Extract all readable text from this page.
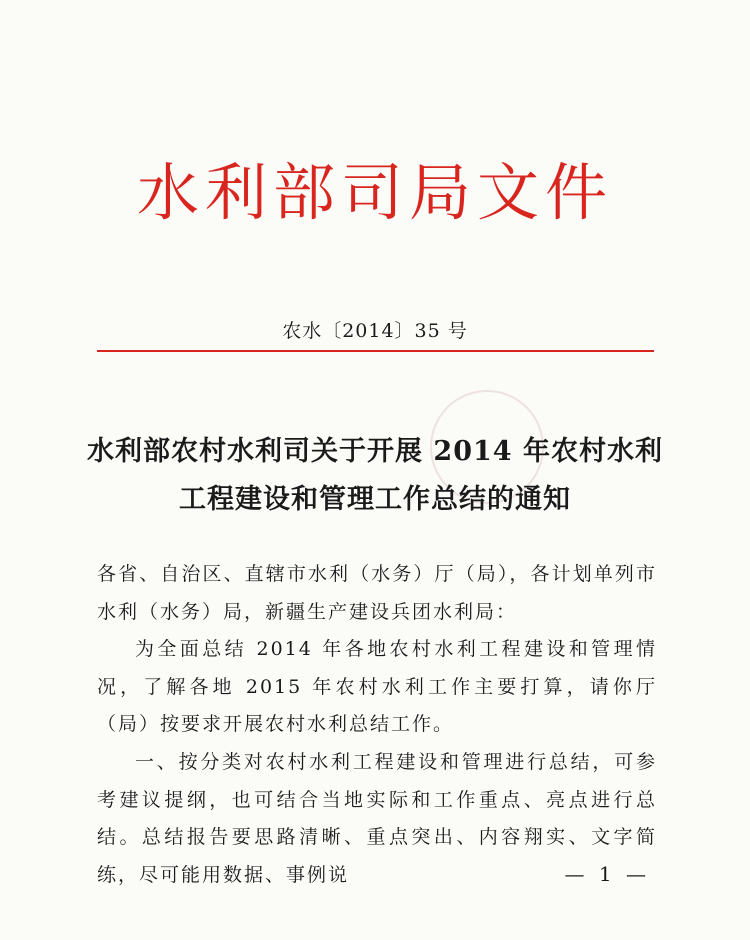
水利部司局文件
农水〔2014〕35 号
水利部农村水利司关于开展 2014 年农村水利
工程建设和管理工作总结的通知

各省、自治区、直辖市水利（水务）厅（局），各计划单列市水利（水务）局，新疆生产建设兵团水利局：

为全面总结 2014 年各地农村水利工程建设和管理情况，了解各地 2015 年农村水利工作主要打算，请你厅（局）按要求开展农村水利总结工作。

一、按分类对农村水利工程建设和管理进行总结，可参考建议提纲，也可结合当地实际和工作重点、亮点进行总结。总结报告要思路清晰、重点突出、内容翔实、文字简练，尽可能用数据、事例说	— 1 —
